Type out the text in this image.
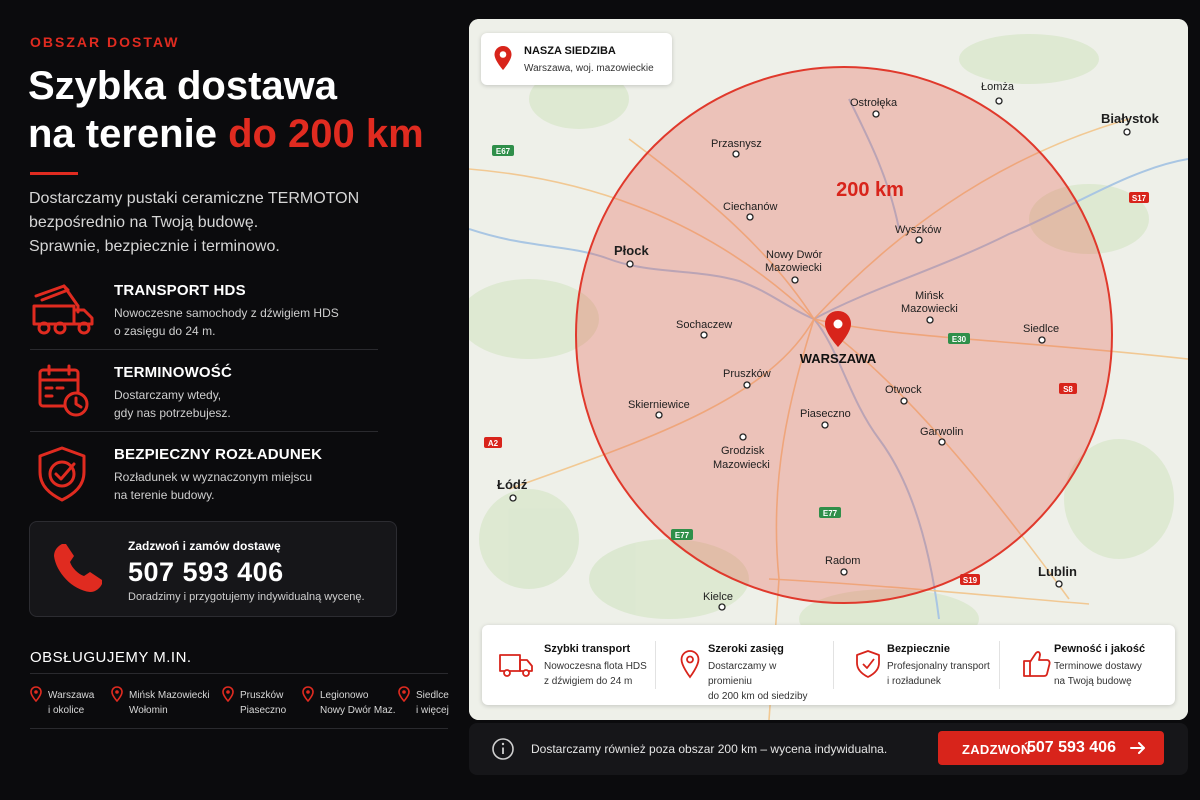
OBSZAR DOSTAW
Szybka dostawa
na terenie do 200 km
Dostarczamy pustaki ceramiczne TERMOTON
bezpośrednio na Twoją budowę.
Sprawnie, bezpiecznie i terminowo.
TRANSPORT HDS
Nowoczesne samochody z dźwigiem HDS
o zasięgu do 24 m.
TERMINOWOŚĆ
Dostarczamy wtedy,
gdy nas potrzebujesz.
BEZPIECZNY ROZŁADUNEK
Rozładunek w wyznaczonym miejscu
na terenie budowy.
Zadzwoń i zamów dostawę
507 593 406
Doradzimy i przygotujemy indywidualną wycenę.
OBSŁUGUJEMY M.IN.
Warszawa
i okolice
Mińsk Mazowiecki
Wołomin
Pruszków
Piaseczno
Legionowo
Nowy Dwór Maz.
Siedlce
i więcej
200 km
E67
S17
E30
S8
A2
E77
E77
S19
Łomża
Ostrołęka
Białystok
Przasnysz
Ciechanów
Płock	Nowy Dwór
Mazowiecki
Wyszków
Mińsk
Mazowiecki
Siedlce
Sochaczew
Pruszków
Skierniewice
Piaseczno
Otwock
Garwolin
Grodzisk
Mazowiecki
Łódź
Radom
Kielce
Lublin
WARSZAWA
NASZA SIEDZIBA
Warszawa, woj. mazowieckie
Szybki transport
Nowoczesna flota HDS
z dźwigiem do 24 m
Szeroki zasięg
Dostarczamy w promieniu
do 200 km od siedziby
Bezpiecznie
Profesjonalny transport
i rozładunek
Pewność i jakość
Terminowe dostawy
na Twoją budowę
Dostarczamy również poza obszar 200 km – wycena indywidualna.	ZADZWOŃ
507 593 406
